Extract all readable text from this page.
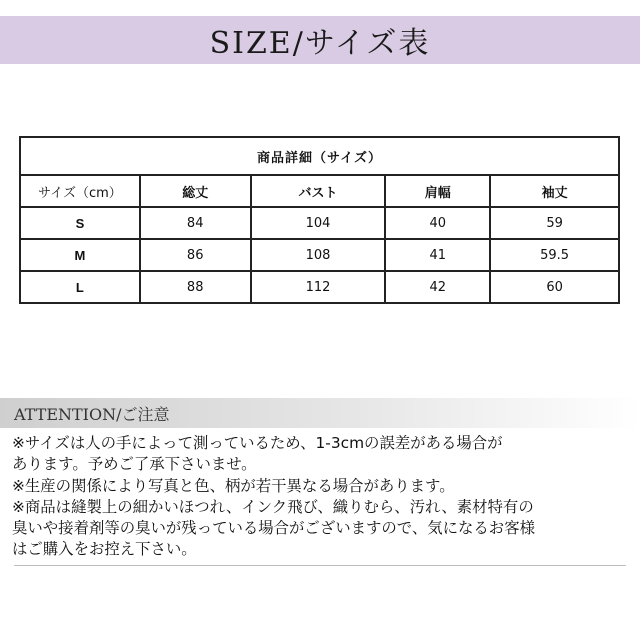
SIZE/サイズ表
商品詳細（サイズ）				
サイズ（cm）	総丈	バスト	肩幅	袖丈
S	84	104	40	59
M	86	108	41	59.5
L	88	112	42	60
ATTENTION/ご注意
※サイズは人の手によって測っているため、1-3cmの誤差がある場合が
あります。予めご了承下さいませ。
※生産の関係により写真と色、柄が若干異なる場合があります。
※商品は縫製上の細かいほつれ、インク飛び、織りむら、汚れ、素材特有の
臭いや接着剤等の臭いが残っている場合がございますので、気になるお客様
はご購入をお控え下さい。
